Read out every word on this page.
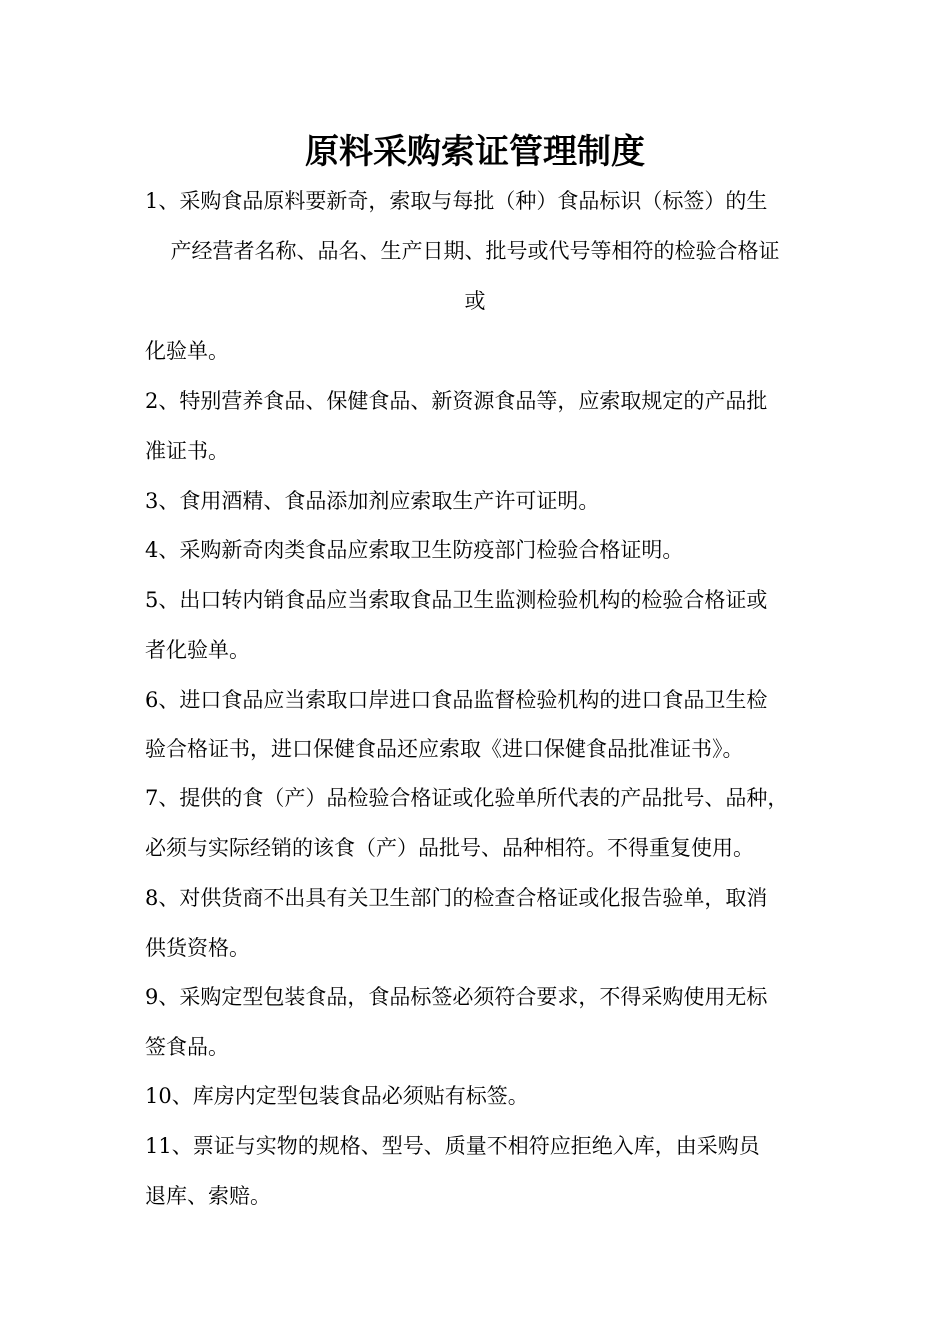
原料采购索证管理制度
1、采购食品原料要新奇，索取与每批（种）食品标识（标签）的生
产经营者名称、品名、生产日期、批号或代号等相符的检验合格证
或
化验单。
2、特别营养食品、保健食品、新资源食品等，应索取规定的产品批
准证书。
3、食用酒精、食品添加剂应索取生产许可证明。
4、采购新奇肉类食品应索取卫生防疫部门检验合格证明。
5、出口转内销食品应当索取食品卫生监测检验机构的检验合格证或
者化验单。
6、进口食品应当索取口岸进口食品监督检验机构的进口食品卫生检
验合格证书，进口保健食品还应索取《进口保健食品批准证书》。
7、提供的食（产）品检验合格证或化验单所代表的产品批号、品种，
必须与实际经销的该食（产）品批号、品种相符。不得重复使用。
8、对供货商不出具有关卫生部门的检查合格证或化报告验单，取消
供货资格。
9、采购定型包装食品，食品标签必须符合要求，不得采购使用无标
签食品。
10、库房内定型包装食品必须贴有标签。
11、票证与实物的规格、型号、质量不相符应拒绝入库，由采购员
退库、索赔。
